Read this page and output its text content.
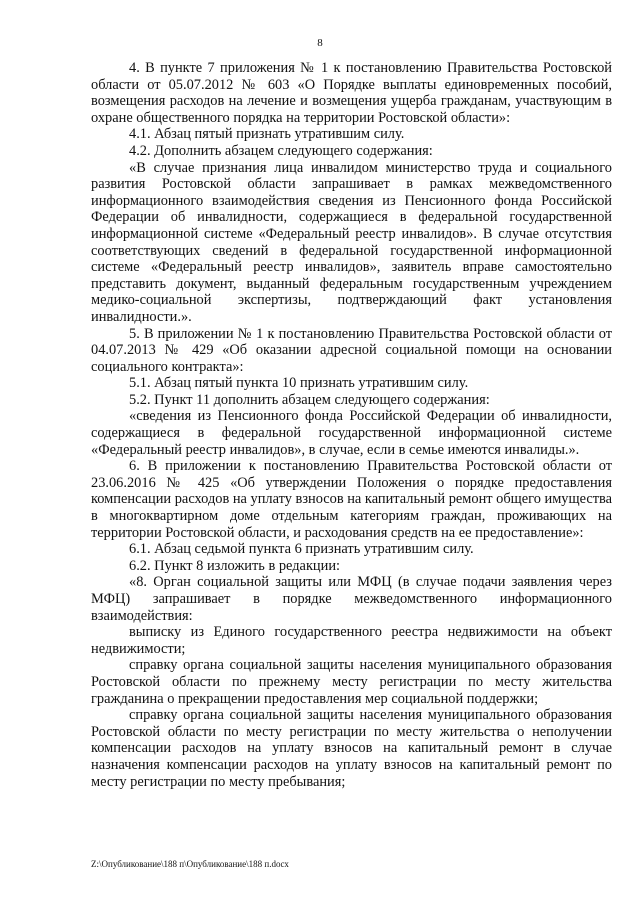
8

4. В пункте 7 приложения № 1 к постановлению Правительства Ростовской области от 05.07.2012 № 603 «О Порядке выплаты единовременных пособий, возмещения расходов на лечение и возмещения ущерба гражданам, участвующим в охране общественного порядка на территории Ростовской области»:

4.1. Абзац пятый признать утратившим силу.

4.2. Дополнить абзацем следующего содержания:

«В случае признания лица инвалидом министерство труда и социального развития Ростовской области запрашивает в рамках межведомственного информационного взаимодействия сведения из Пенсионного фонда Российской Федерации об инвалидности, содержащиеся в федеральной государственной информационной системе «Федеральный реестр инвалидов». В случае отсутствия соответствующих сведений в федеральной государственной информационной системе «Федеральный реестр инвалидов», заявитель вправе самостоятельно представить документ, выданный федеральным государственным учреждением медико-социальной экспертизы, подтверждающий факт установления инвалидности.».

5. В приложении № 1 к постановлению Правительства Ростовской области от 04.07.2013 № 429 «Об оказании адресной социальной помощи на основании социального контракта»:

5.1. Абзац пятый пункта 10 признать утратившим силу.

5.2. Пункт 11 дополнить абзацем следующего содержания:

«сведения из Пенсионного фонда Российской Федерации об инвалидности, содержащиеся в федеральной государственной информационной системе «Федеральный реестр инвалидов», в случае, если в семье имеются инвалиды.».

6. В приложении к постановлению Правительства Ростовской области от 23.06.2016 № 425 «Об утверждении Положения о порядке предоставления компенсации расходов на уплату взносов на капитальный ремонт общего имущества в многоквартирном доме отдельным категориям граждан, проживающих на территории Ростовской области, и расходования средств на ее предоставление»:

6.1. Абзац седьмой пункта 6 признать утратившим силу.

6.2. Пункт 8 изложить в редакции:

«8. Орган социальной защиты или МФЦ (в случае подачи заявления через МФЦ) запрашивает в порядке межведомственного информационного взаимодействия:

выписку из Единого государственного реестра недвижимости на объект недвижимости;

справку органа социальной защиты населения муниципального образования Ростовской области по прежнему месту регистрации по месту жительства гражданина о прекращении предоставления мер социальной поддержки;

справку органа социальной защиты населения муниципального образования Ростовской области по месту регистрации по месту жительства о неполучении компенсации расходов на уплату взносов на капитальный ремонт в случае назначения компенсации расходов на уплату взносов на капитальный ремонт по месту регистрации по месту пребывания;

Z:\Опубликование\188 п\Опубликование\188 п.docx
